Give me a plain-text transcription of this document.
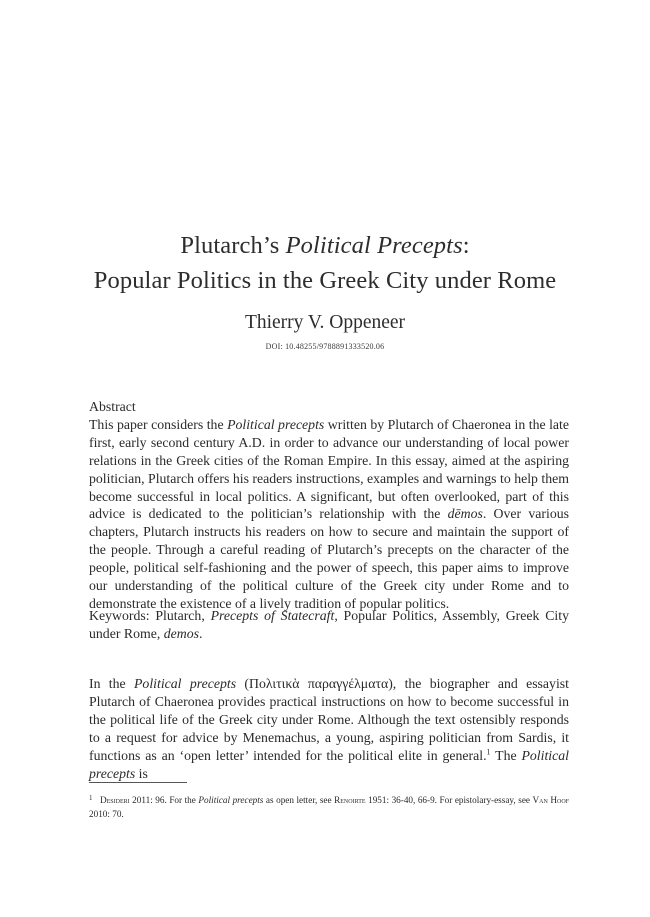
Plutarch’s Political Precepts:
Popular Politics in the Greek City under Rome
Thierry V. Oppeneer
DOI: 10.48255/9788891333520.06

Abstract

This paper considers the Political precepts written by Plutarch of Chaeronea in the late first, early second century A.D. in order to advance our understanding of local power relations in the Greek cities of the Roman Empire. In this essay, aimed at the aspiring politician, Plutarch offers his readers instructions, examples and warnings to help them become successful in local politics. A significant, but often overlooked, part of this advice is dedicated to the politician’s relationship with the dēmos. Over various chapters, Plutarch instructs his readers on how to secure and maintain the support of the people. Through a careful reading of Plutarch’s precepts on the character of the people, political self-fashioning and the power of speech, this paper aims to improve our understanding of the political culture of the Greek city under Rome and to demonstrate the existence of a lively tradition of popular politics.

Keywords: Plutarch, Precepts of Statecraft, Popular Politics, Assembly, Greek City under Rome, demos.

In the Political precepts (Πολιτικὰ παραγγέλματα), the biographer and essayist Plutarch of Chaeronea provides practical instructions on how to become successful in the political life of the Greek city under Rome. Although the text ostensibly responds to a request for advice by Menemachus, a young, aspiring politician from Sardis, it functions as an ‘open letter’ intended for the political elite in general.$^1$ The Political precepts is

1 Desideri 2011: 96. For the Political precepts as open letter, see Renoirte 1951: 36-40, 66-9. For epistolary-essay, see Van Hoof 2010: 70.
